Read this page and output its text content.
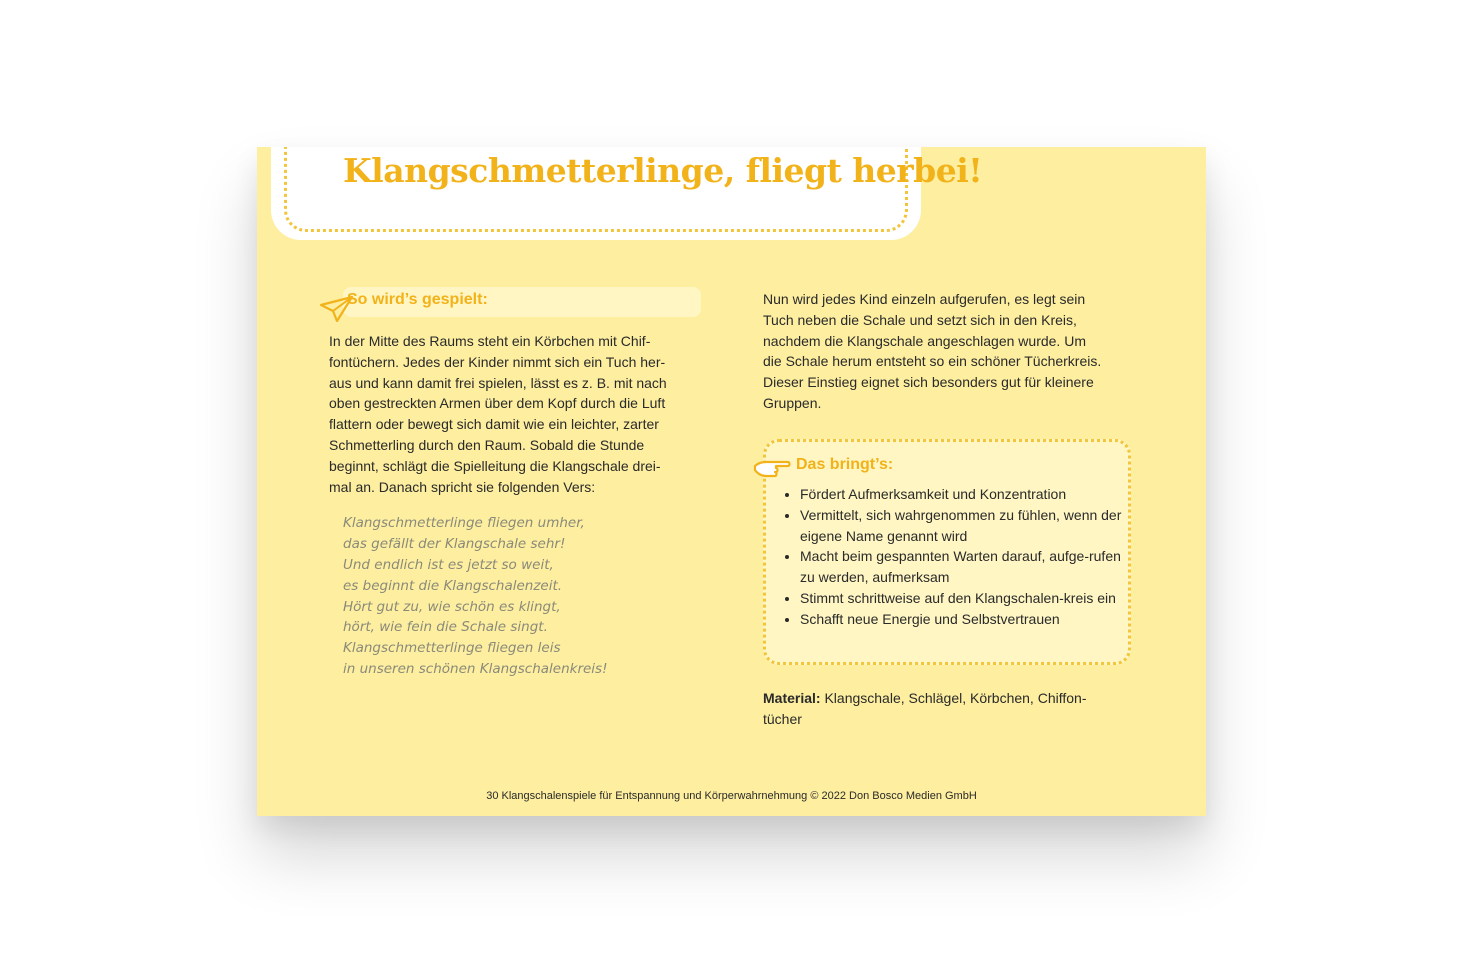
Klangschmetterlinge, fliegt herbei!
So wird’s gespielt:
In der Mitte des Raums steht ein Körbchen mit Chif-
fontüchern. Jedes der Kinder nimmt sich ein Tuch her-
aus und kann damit frei spielen, lässt es z. B. mit nach
oben gestreckten Armen über dem Kopf durch die Luft
flattern oder bewegt sich damit wie ein leichter, zarter
Schmetterling durch den Raum. Sobald die Stunde
beginnt, schlägt die Spielleitung die Klangschale drei-
mal an. Danach spricht sie folgenden Vers:
Klangschmetterlinge fliegen umher,
das gefällt der Klangschale sehr!
Und endlich ist es jetzt so weit,
es beginnt die Klangschalenzeit.
Hört gut zu, wie schön es klingt,
hört, wie fein die Schale singt.
Klangschmetterlinge fliegen leis
in unseren schönen Klangschalenkreis!
Nun wird jedes Kind einzeln aufgerufen, es legt sein
Tuch neben die Schale und setzt sich in den Kreis,
nachdem die Klangschale angeschlagen wurde. Um
die Schale herum entsteht so ein schöner Tücherkreis.
Dieser Einstieg eignet sich besonders gut für kleinere
Gruppen.
Das bringt’s:
• Fördert Aufmerksamkeit und Konzentration
• Vermittelt, sich wahrgenommen zu fühlen, wenn der eigene Name genannt wird
• Macht beim gespannten Warten darauf, aufge-rufen zu werden, aufmerksam
• Stimmt schrittweise auf den Klangschalen-kreis ein
• Schafft neue Energie und Selbstvertrauen
Material: Klangschale, Schlägel, Körbchen, Chiffon-tücher
30 Klangschalenspiele für Entspannung und Körperwahrnehmung © 2022 Don Bosco Medien GmbH
